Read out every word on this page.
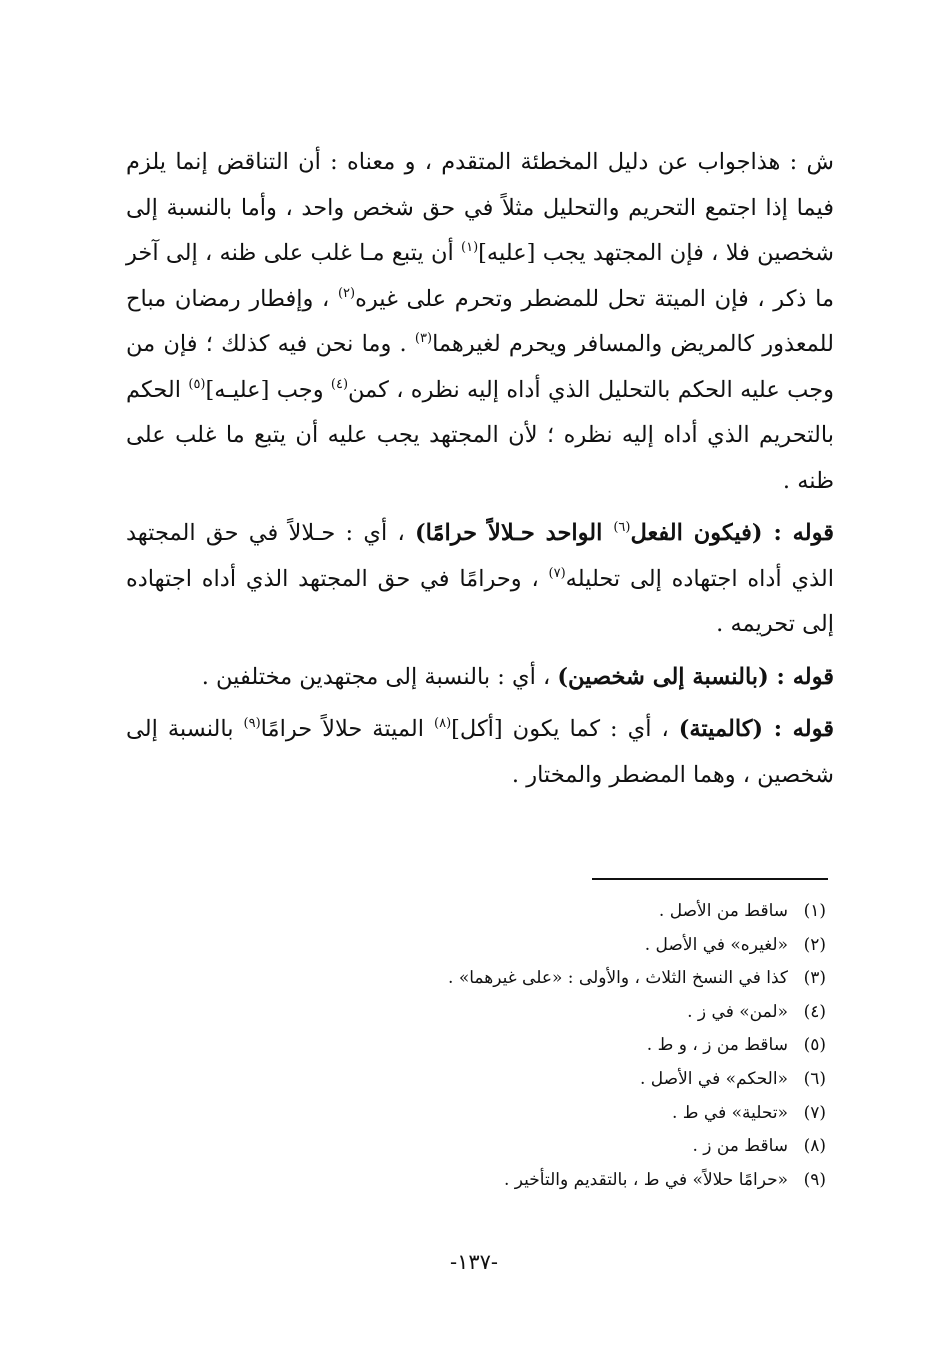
ش : هذاجواب عن دليل المخطئة المتقدم ، و معناه : أن التناقض إنما يلزم فيما إذا اجتمع التحريم والتحليل مثلاً في حق شخص واحد ، وأما بالنسبة إلى شخصين فلا ، فإن المجتهد يجب [عليه]$^{(١)}$ أن يتبع مـا غلب على ظنه ، إلى آخر ما ذكر ، فإن الميتة تحل للمضطر وتحرم على غيره$^{(٢)}$ ، وإفطار رمضان مباح للمعذور كالمريض والمسافر ويحرم لغيرهما$^{(٣)}$ . وما نحن فيه كذلك ؛ فإن من وجب عليه الحكم بالتحليل الذي أداه إليه نظره ، كمن$^{(٤)}$ وجب [عليـه]$^{(٥)}$ الحكم بالتحريم الذي أداه إليه نظره ؛ لأن المجتهد يجب عليه أن يتبع ما غلب على ظنه .

قوله : (فيكون الفعل$^{(٦)}$ الواحد حـلالاً حرامًا) ، أي : حـلالاً في حق المجتهد الذي أداه اجتهاده إلى تحليله$^{(٧)}$ ، وحرامًا في حق المجتهد الذي أداه اجتهاده إلى تحريمه .

قوله : (بالنسبة إلى شخصين) ، أي : بالنسبة إلى مجتهدين مختلفين .

قوله : (كالميتة) ، أي : كما يكون [أكل]$^{(٨)}$ الميتة حلالاً حرامًا$^{(٩)}$ بالنسبة إلى شخصين ، وهما المضطر والمختار .

(١)ساقط من الأصل .
(٢)«لغيره» في الأصل .
(٣)كذا في النسخ الثلاث ، والأولى : «على غيرهما» .
(٤)«لمن» في ز .
(٥)ساقط من ز ، و ط .
(٦)«الحكم» في الأصل .
(٧)«تحلية» في ط .
(٨)ساقط من ز .
(٩)«حرامًا حلالاً» في ط ، بالتقديم والتأخير .
-١٣٧-
